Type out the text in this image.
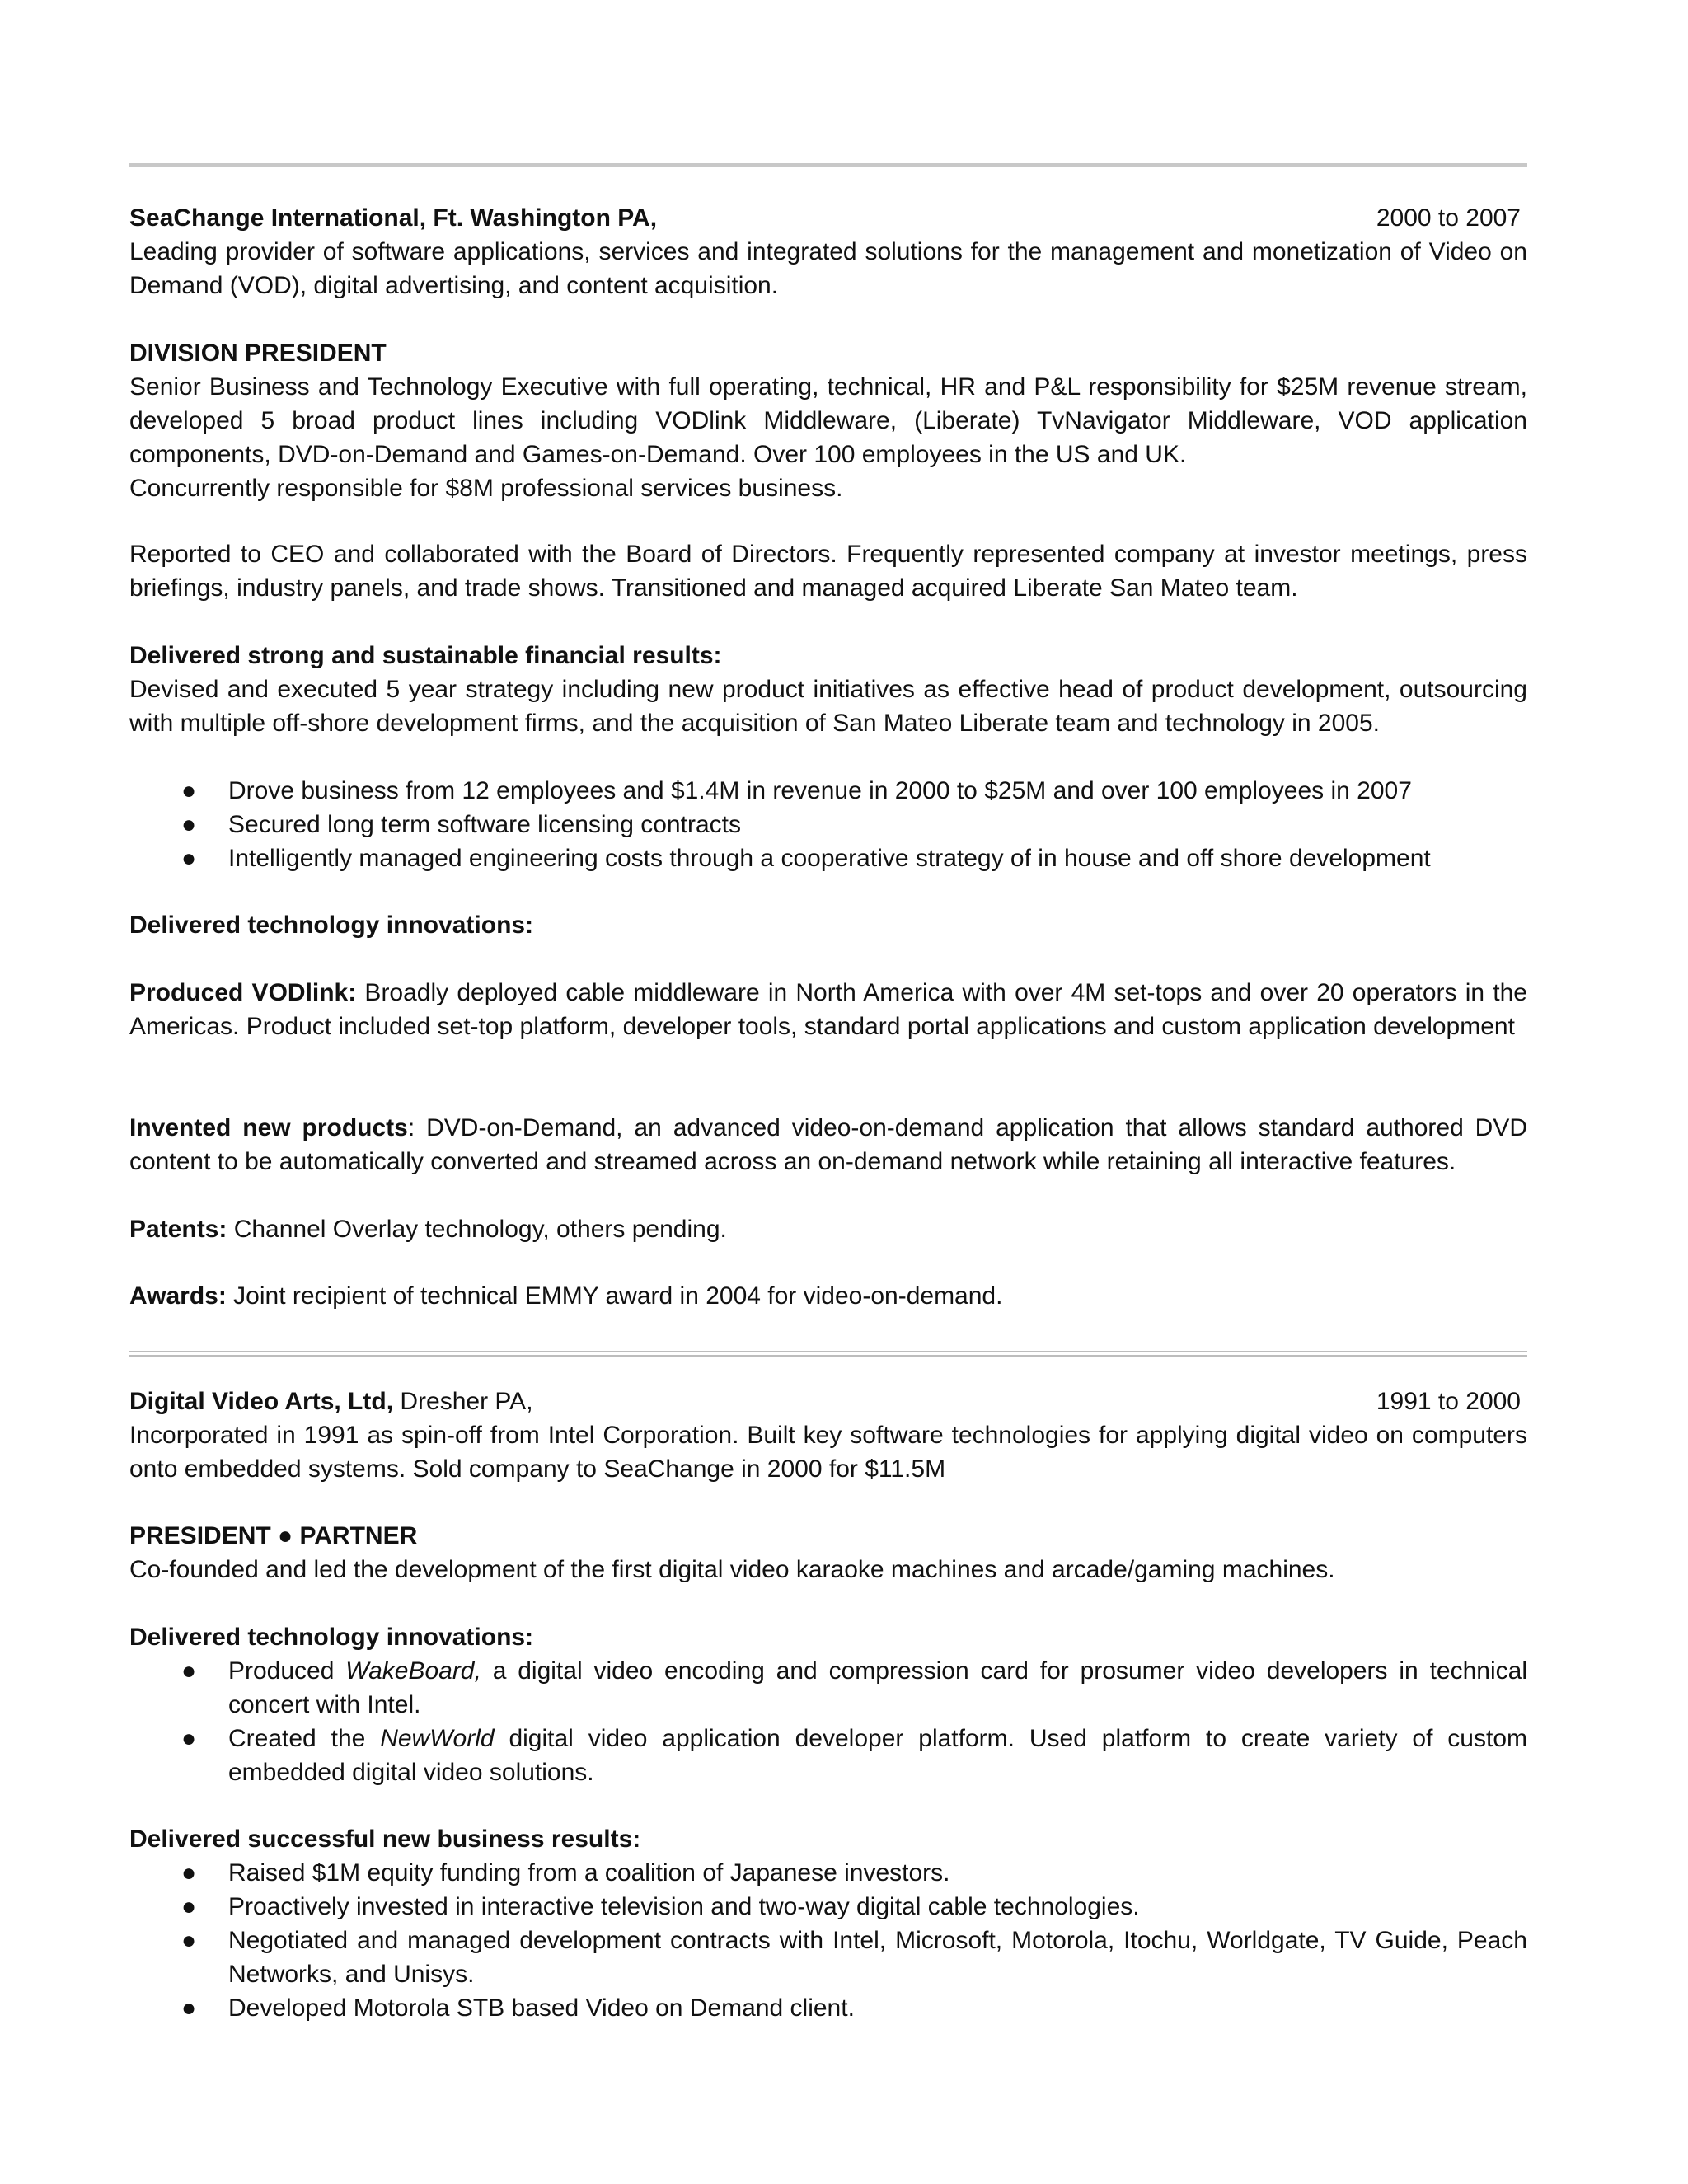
SeaChange International, Ft. Washington PA,	2000 to 2007

Leading provider of software applications, services and integrated solutions for the management and monetization of Video on Demand (VOD), digital advertising, and content acquisition.

DIVISION PRESIDENT

Senior Business and Technology Executive with full operating, technical, HR and P&L responsibility for $25M revenue stream, developed 5 broad product lines including VODlink Middleware, (Liberate) TvNavigator Middleware, VOD application components, DVD-on-Demand and Games-on-Demand. Over 100 employees in the US and UK.

Concurrently responsible for $8M professional services business.

Reported to CEO and collaborated with the Board of Directors. Frequently represented company at investor meetings, press briefings, industry panels, and trade shows. Transitioned and managed acquired Liberate San Mateo team.

Delivered strong and sustainable financial results:

Devised and executed 5 year strategy including new product initiatives as effective head of product development, outsourcing with multiple off-shore development firms, and the acquisition of San Mateo Liberate team and technology in 2005.

● Drove business from 12 employees and $1.4M in revenue in 2000 to $25M and over 100 employees in 2007
● Secured long term software licensing contracts
● Intelligently managed engineering costs through a cooperative strategy of in house and off shore development

Delivered technology innovations:

Produced VODlink: Broadly deployed cable middleware in North America with over 4M set-tops and over 20 operators in the Americas. Product included set-top platform, developer tools, standard portal applications and custom application development

Invented new products: DVD-on-Demand, an advanced video-on-demand application that allows standard authored DVD content to be automatically converted and streamed across an on-demand network while retaining all interactive features.

Patents: Channel Overlay technology, others pending.

Awards: Joint recipient of technical EMMY award in 2004 for video-on-demand.

Digital Video Arts, Ltd, Dresher PA,	1991 to 2000

Incorporated in 1991 as spin-off from Intel Corporation. Built key software technologies for applying digital video on computers onto embedded systems. Sold company to SeaChange in 2000 for $11.5M

PRESIDENT ● PARTNER

Co-founded and led the development of the first digital video karaoke machines and arcade/gaming machines.

Delivered technology innovations:

● Produced WakeBoard, a digital video encoding and compression card for prosumer video developers in technical concert with Intel.
● Created the NewWorld digital video application developer platform. Used platform to create variety of custom embedded digital video solutions.

Delivered successful new business results:

● Raised $1M equity funding from a coalition of Japanese investors.
● Proactively invested in interactive television and two-way digital cable technologies.
● Negotiated and managed development contracts with Intel, Microsoft, Motorola, Itochu, Worldgate, TV Guide, Peach Networks, and Unisys.
● Developed Motorola STB based Video on Demand client.
